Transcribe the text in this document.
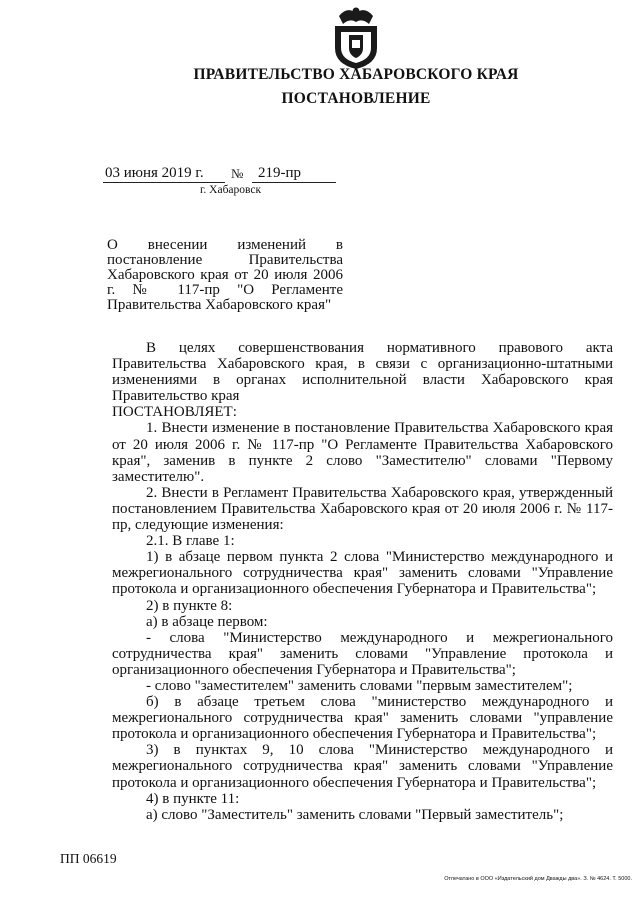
ПРАВИТЕЛЬСТВО ХАБАРОВСКОГО КРАЯ
ПОСТАНОВЛЕНИЕ
03 июня 2019 г. № 219-пр
г. Хабаровск
О внесении изменений в постановление Правительства Хабаровского края от 20 июля 2006 г. № 117-пр "О Регламенте Правительства Хабаровского края"

В целях совершенствования нормативного правового акта Правительства Хабаровского края, в связи с организационно-штатными изменениями в органах исполнительной власти Хабаровского края Правительство края

ПОСТАНОВЛЯЕТ:

1. Внести изменение в постановление Правительства Хабаровского края от 20 июля 2006 г. № 117-пр "О Регламенте Правительства Хабаровского края", заменив в пункте 2 слово "Заместителю" словами "Первому заместителю".

2. Внести в Регламент Правительства Хабаровского края, утвержденный постановлением Правительства Хабаровского края от 20 июля 2006 г. № 117-пр, следующие изменения:

2.1. В главе 1:

1) в абзаце первом пункта 2 слова "Министерство международного и межрегионального сотрудничества края" заменить словами "Управление протокола и организационного обеспечения Губернатора и Правительства";

2) в пункте 8:

а) в абзаце первом:

- слова "Министерство международного и межрегионального сотрудничества края" заменить словами "Управление протокола и организационного обеспечения Губернатора и Правительства";

- слово "заместителем" заменить словами "первым заместителем";

б) в абзаце третьем слова "министерство международного и межрегионального сотрудничества края" заменить словами "управление протокола и организационного обеспечения Губернатора и Правительства";

3) в пунктах 9, 10 слова "Министерство международного и межрегионального сотрудничества края" заменить словами "Управление протокола и организационного обеспечения Губернатора и Правительства";

4) в пункте 11:

а) слово "Заместитель" заменить словами "Первый заместитель";

ПП 06619
Отпечатано в ООО «Издательский дом Дважды два». З. № 4624. Т. 5000.
